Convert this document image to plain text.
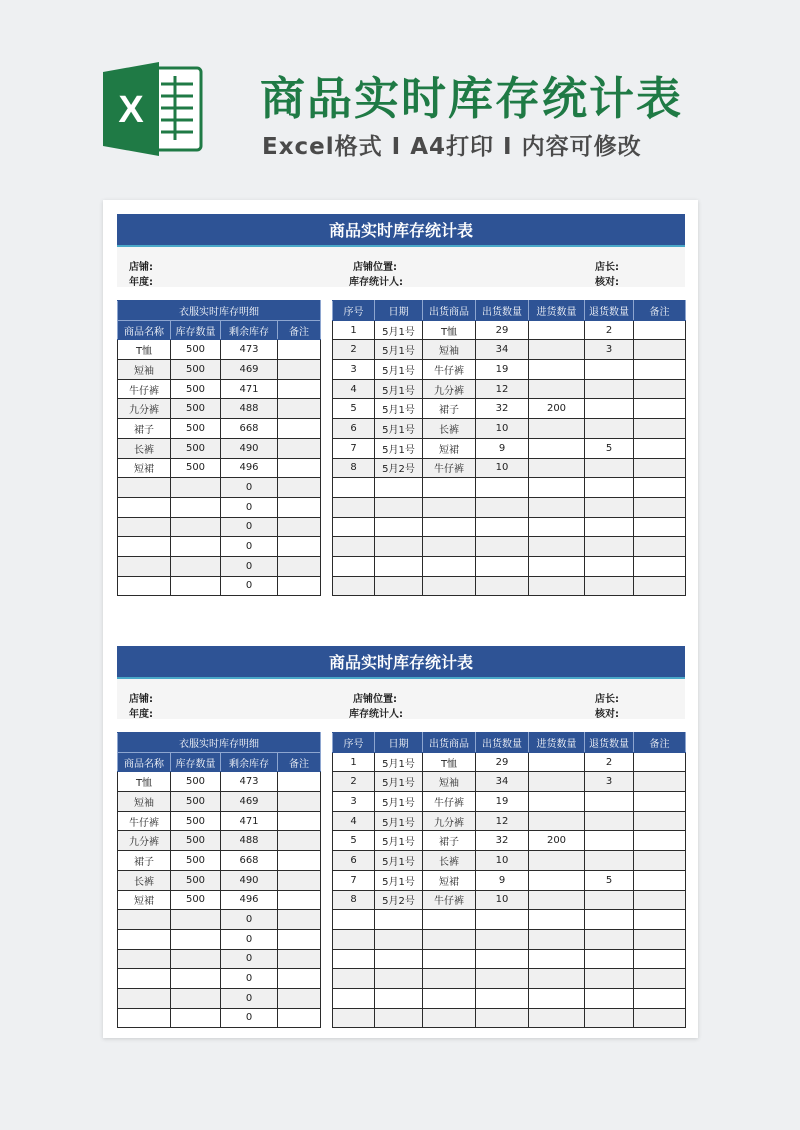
X	商品实时库存统计表
Excel格式 I A4打印 I 内容可修改
商品实时库存统计表
店铺:	店铺位置:	店长:
年度:	库存统计人:	核对:
衣服实时库存明细			
商品名称	库存数量	剩余库存	备注
T恤	500	473	
短袖	500	469	
牛仔裤	500	471	
九分裤	500	488	
裙子	500	668	
长裤	500	490	
短裙	500	496	
		0	
		0	
		0	
		0	
		0	
		0	
序号	日期	出货商品	出货数量	进货数量	退货数量	备注
1	5月1号	T恤	29		2	
2	5月1号	短袖	34		3	
3	5月1号	牛仔裤	19			
4	5月1号	九分裤	12			
5	5月1号	裙子	32	200		
6	5月1号	长裤	10			
7	5月1号	短裙	9		5	
8	5月2号	牛仔裤	10			

商品实时库存统计表
店铺:	店铺位置:	店长:
年度:	库存统计人:	核对:
衣服实时库存明细			
商品名称	库存数量	剩余库存	备注
T恤	500	473	
短袖	500	469	
牛仔裤	500	471	
九分裤	500	488	
裙子	500	668	
长裤	500	490	
短裙	500	496	
		0	
		0	
		0	
		0	
		0	
		0	
序号	日期	出货商品	出货数量	进货数量	退货数量	备注
1	5月1号	T恤	29		2	
2	5月1号	短袖	34		3	
3	5月1号	牛仔裤	19			
4	5月1号	九分裤	12			
5	5月1号	裙子	32	200		
6	5月1号	长裤	10			
7	5月1号	短裙	9		5	
8	5月2号	牛仔裤	10			
